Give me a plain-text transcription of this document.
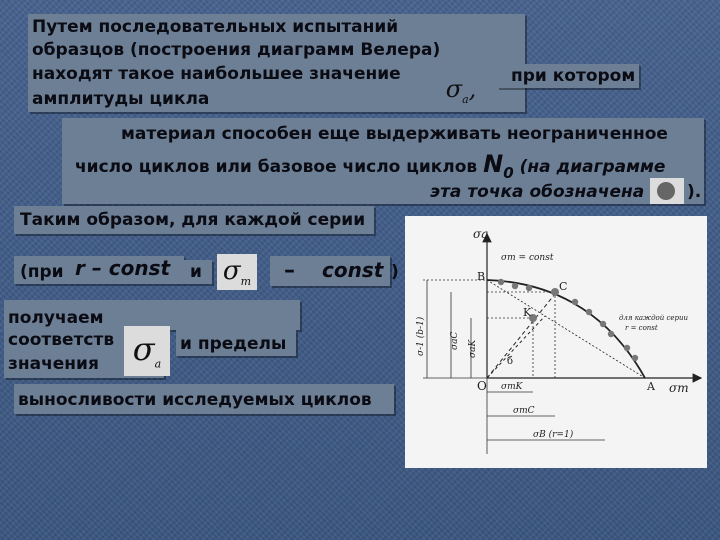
Путем последовательных испытаний
образцов (построения диаграмм Велера)
находят такое наибольшее значение	при котором
амплитуды цикла	$\sigma_a$,
материал способен еще выдерживать неограниченное
число циклов или базовое число циклов $N_0$ (на диаграмме
эта точка обозначена	).
Таким образом, для каждой серии
(при r – const и $\sigma_m$ – const )
получаем
соответств	и пределы
значения $\sigma_a$
выносливости исследуемых циклов
σa
σm
O
B
C
K
A
σm = const
б
σaK
σaC
σ-1 (b-1)
σmK
σmC
σB (r=1)
для каждой серии
r = const
